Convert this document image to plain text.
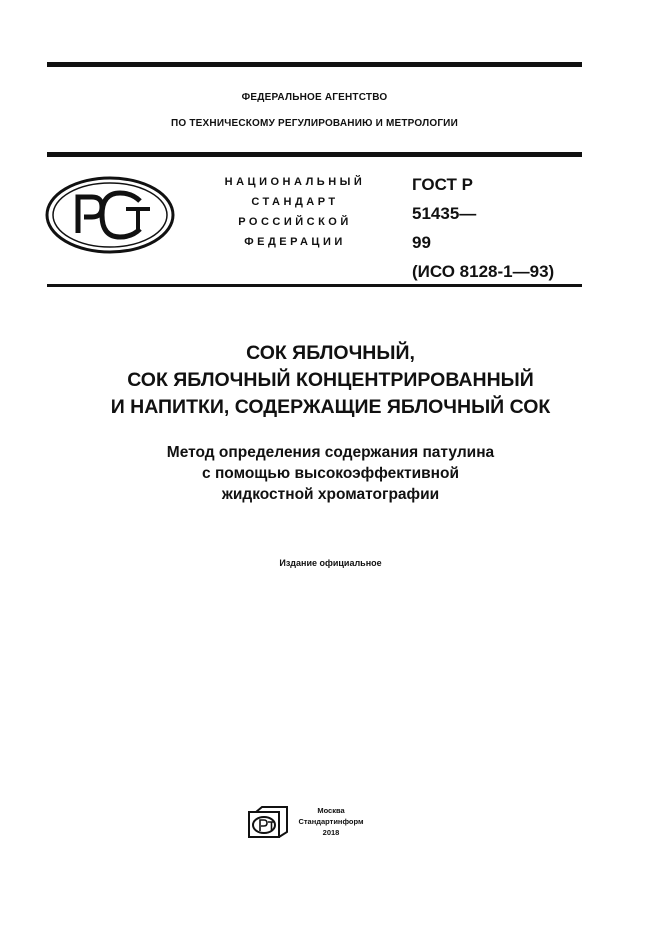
ФЕДЕРАЛЬНОЕ АГЕНТСТВО
ПО ТЕХНИЧЕСКОМУ РЕГУЛИРОВАНИЮ И МЕТРОЛОГИИ
НАЦИОНАЛЬНЫЙ
СТАНДАРТ
РОССИЙСКОЙ
ФЕДЕРАЦИИ
ГОСТ Р
51435—
99
(ИСО 8128-1—93)
СОК ЯБЛОЧНЫЙ,
СОК ЯБЛОЧНЫЙ КОНЦЕНТРИРОВАННЫЙ
И НАПИТКИ, СОДЕРЖАЩИЕ ЯБЛОЧНЫЙ СОК
Метод определения содержания патулина
с помощью высокоэффективной
жидкостной хроматографии
Издание официальное
Москва
Стандартинформ
2018
